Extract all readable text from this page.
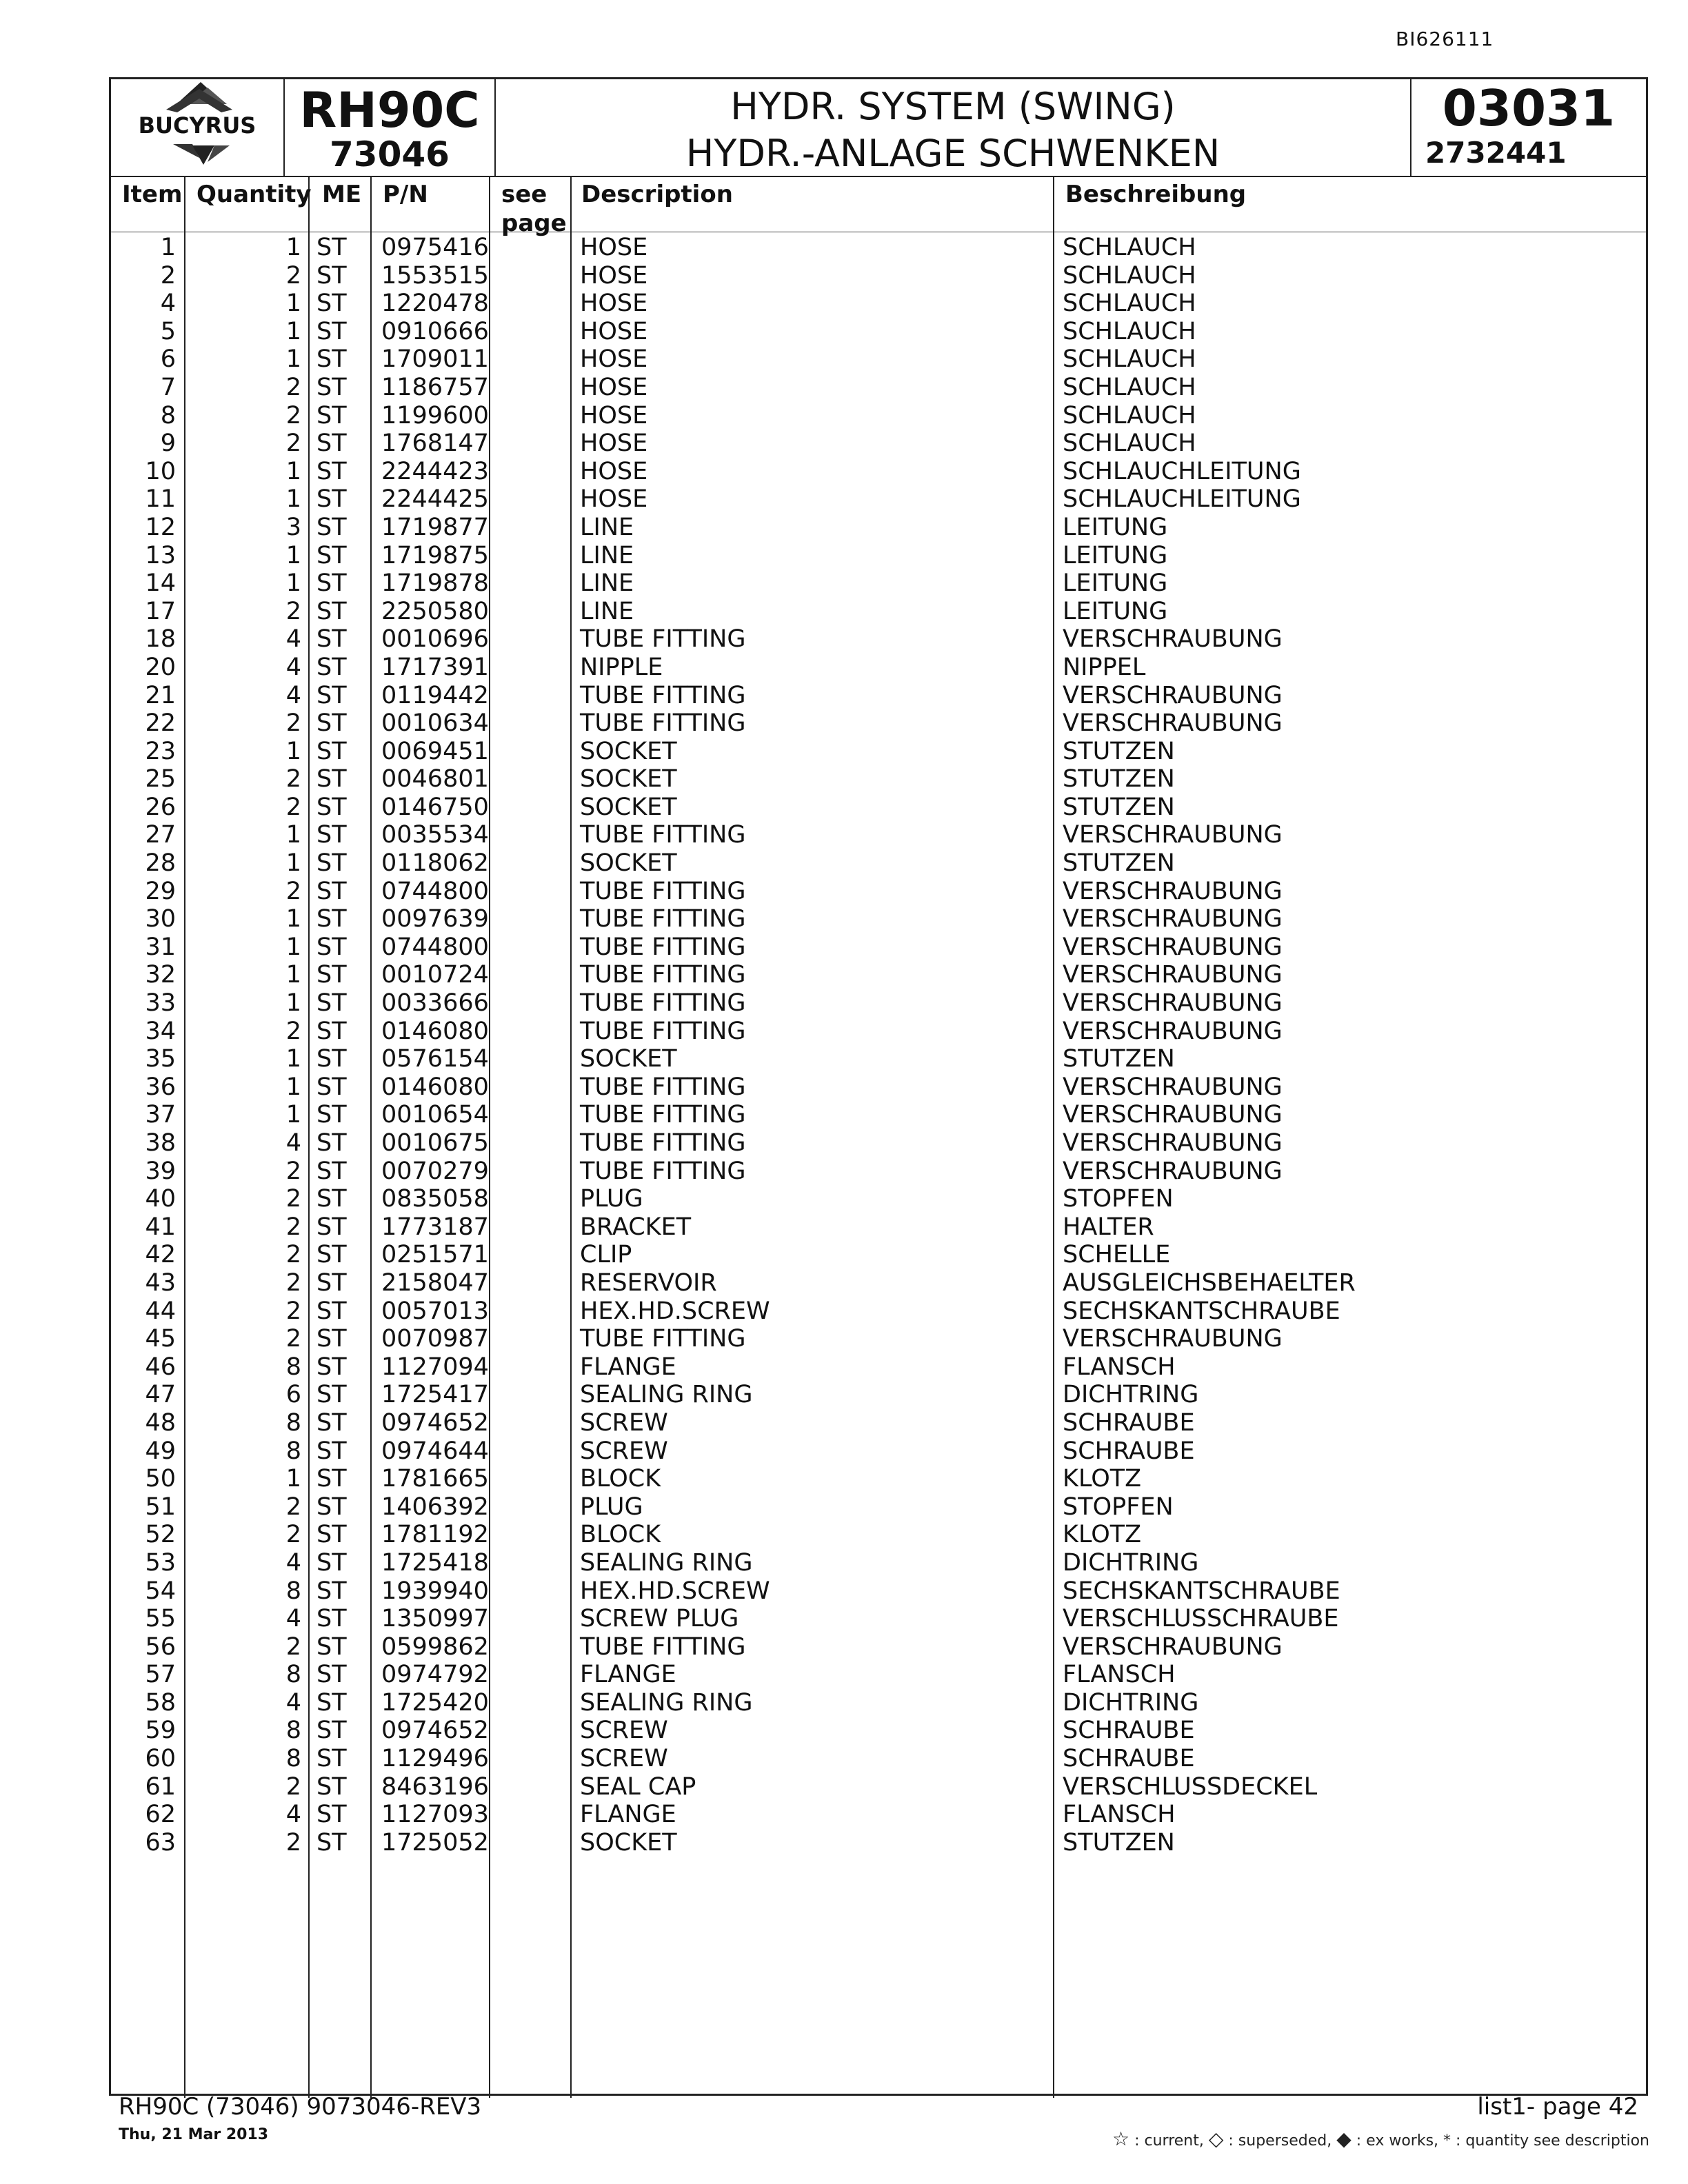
BI626111
BUCYRUS RH90C
73046
HYDR. SYSTEM (SWING)
HYDR.-ANLAGE SCHWENKEN
03031
2732441
Item Quantity ME P/N	see
page
Description	Beschreibung
1	1 ST 0975416	HOSE	SCHLAUCH
2	2 ST 1553515	HOSE	SCHLAUCH
4	1 ST 1220478	HOSE	SCHLAUCH
5	1 ST 0910666	HOSE	SCHLAUCH
6	1 ST 1709011	HOSE	SCHLAUCH
7	2 ST 1186757	HOSE	SCHLAUCH
8	2 ST 1199600	HOSE	SCHLAUCH
9	2 ST 1768147	HOSE	SCHLAUCH
10	1 ST 2244423	HOSE	SCHLAUCHLEITUNG
11	1 ST 2244425	HOSE	SCHLAUCHLEITUNG
12	3 ST 1719877	LINE	LEITUNG
13	1 ST 1719875	LINE	LEITUNG
14	1 ST 1719878	LINE	LEITUNG
17	2 ST 2250580	LINE	LEITUNG
18	4 ST 0010696	TUBE FITTING	VERSCHRAUBUNG
20	4 ST 1717391	NIPPLE	NIPPEL
21	4 ST 0119442	TUBE FITTING	VERSCHRAUBUNG
22	2 ST 0010634	TUBE FITTING	VERSCHRAUBUNG
23	1 ST 0069451	SOCKET	STUTZEN
25	2 ST 0046801	SOCKET	STUTZEN
26	2 ST 0146750	SOCKET	STUTZEN
27	1 ST 0035534	TUBE FITTING	VERSCHRAUBUNG
28	1 ST 0118062	SOCKET	STUTZEN
29	2 ST 0744800	TUBE FITTING	VERSCHRAUBUNG
30	1 ST 0097639	TUBE FITTING	VERSCHRAUBUNG
31	1 ST 0744800	TUBE FITTING	VERSCHRAUBUNG
32	1 ST 0010724	TUBE FITTING	VERSCHRAUBUNG
33	1 ST 0033666	TUBE FITTING	VERSCHRAUBUNG
34	2 ST 0146080	TUBE FITTING	VERSCHRAUBUNG
35	1 ST 0576154	SOCKET	STUTZEN
36	1 ST 0146080	TUBE FITTING	VERSCHRAUBUNG
37	1 ST 0010654	TUBE FITTING	VERSCHRAUBUNG
38	4 ST 0010675	TUBE FITTING	VERSCHRAUBUNG
39	2 ST 0070279	TUBE FITTING	VERSCHRAUBUNG
40	2 ST 0835058	PLUG	STOPFEN
41	2 ST 1773187	BRACKET	HALTER
42	2 ST 0251571	CLIP	SCHELLE
43	2 ST 2158047	RESERVOIR	AUSGLEICHSBEHAELTER
44	2 ST 0057013	HEX.HD.SCREW	SECHSKANTSCHRAUBE
45	2 ST 0070987	TUBE FITTING	VERSCHRAUBUNG
46	8 ST 1127094	FLANGE	FLANSCH
47	6 ST 1725417	SEALING RING	DICHTRING
48	8 ST 0974652	SCREW	SCHRAUBE
49	8 ST 0974644	SCREW	SCHRAUBE
50	1 ST 1781665	BLOCK	KLOTZ
51	2 ST 1406392	PLUG	STOPFEN
52	2 ST 1781192	BLOCK	KLOTZ
53	4 ST 1725418	SEALING RING	DICHTRING
54	8 ST 1939940	HEX.HD.SCREW	SECHSKANTSCHRAUBE
55	4 ST 1350997	SCREW PLUG	VERSCHLUSSCHRAUBE
56	2 ST 0599862	TUBE FITTING	VERSCHRAUBUNG
57	8 ST 0974792	FLANGE	FLANSCH
58	4 ST 1725420	SEALING RING	DICHTRING
59	8 ST 0974652	SCREW	SCHRAUBE
60	8 ST 1129496	SCREW	SCHRAUBE
61	2 ST 8463196	SEAL CAP	VERSCHLUSSDECKEL
62	4 ST 1127093	FLANGE	FLANSCH
63	2 ST 1725052	SOCKET	STUTZEN
RH90C (73046) 9073046-REV3
Thu, 21 Mar 2013
list1- page 42
☆ : current, ◇ : superseded, ◆ : ex works, * : quantity see description
